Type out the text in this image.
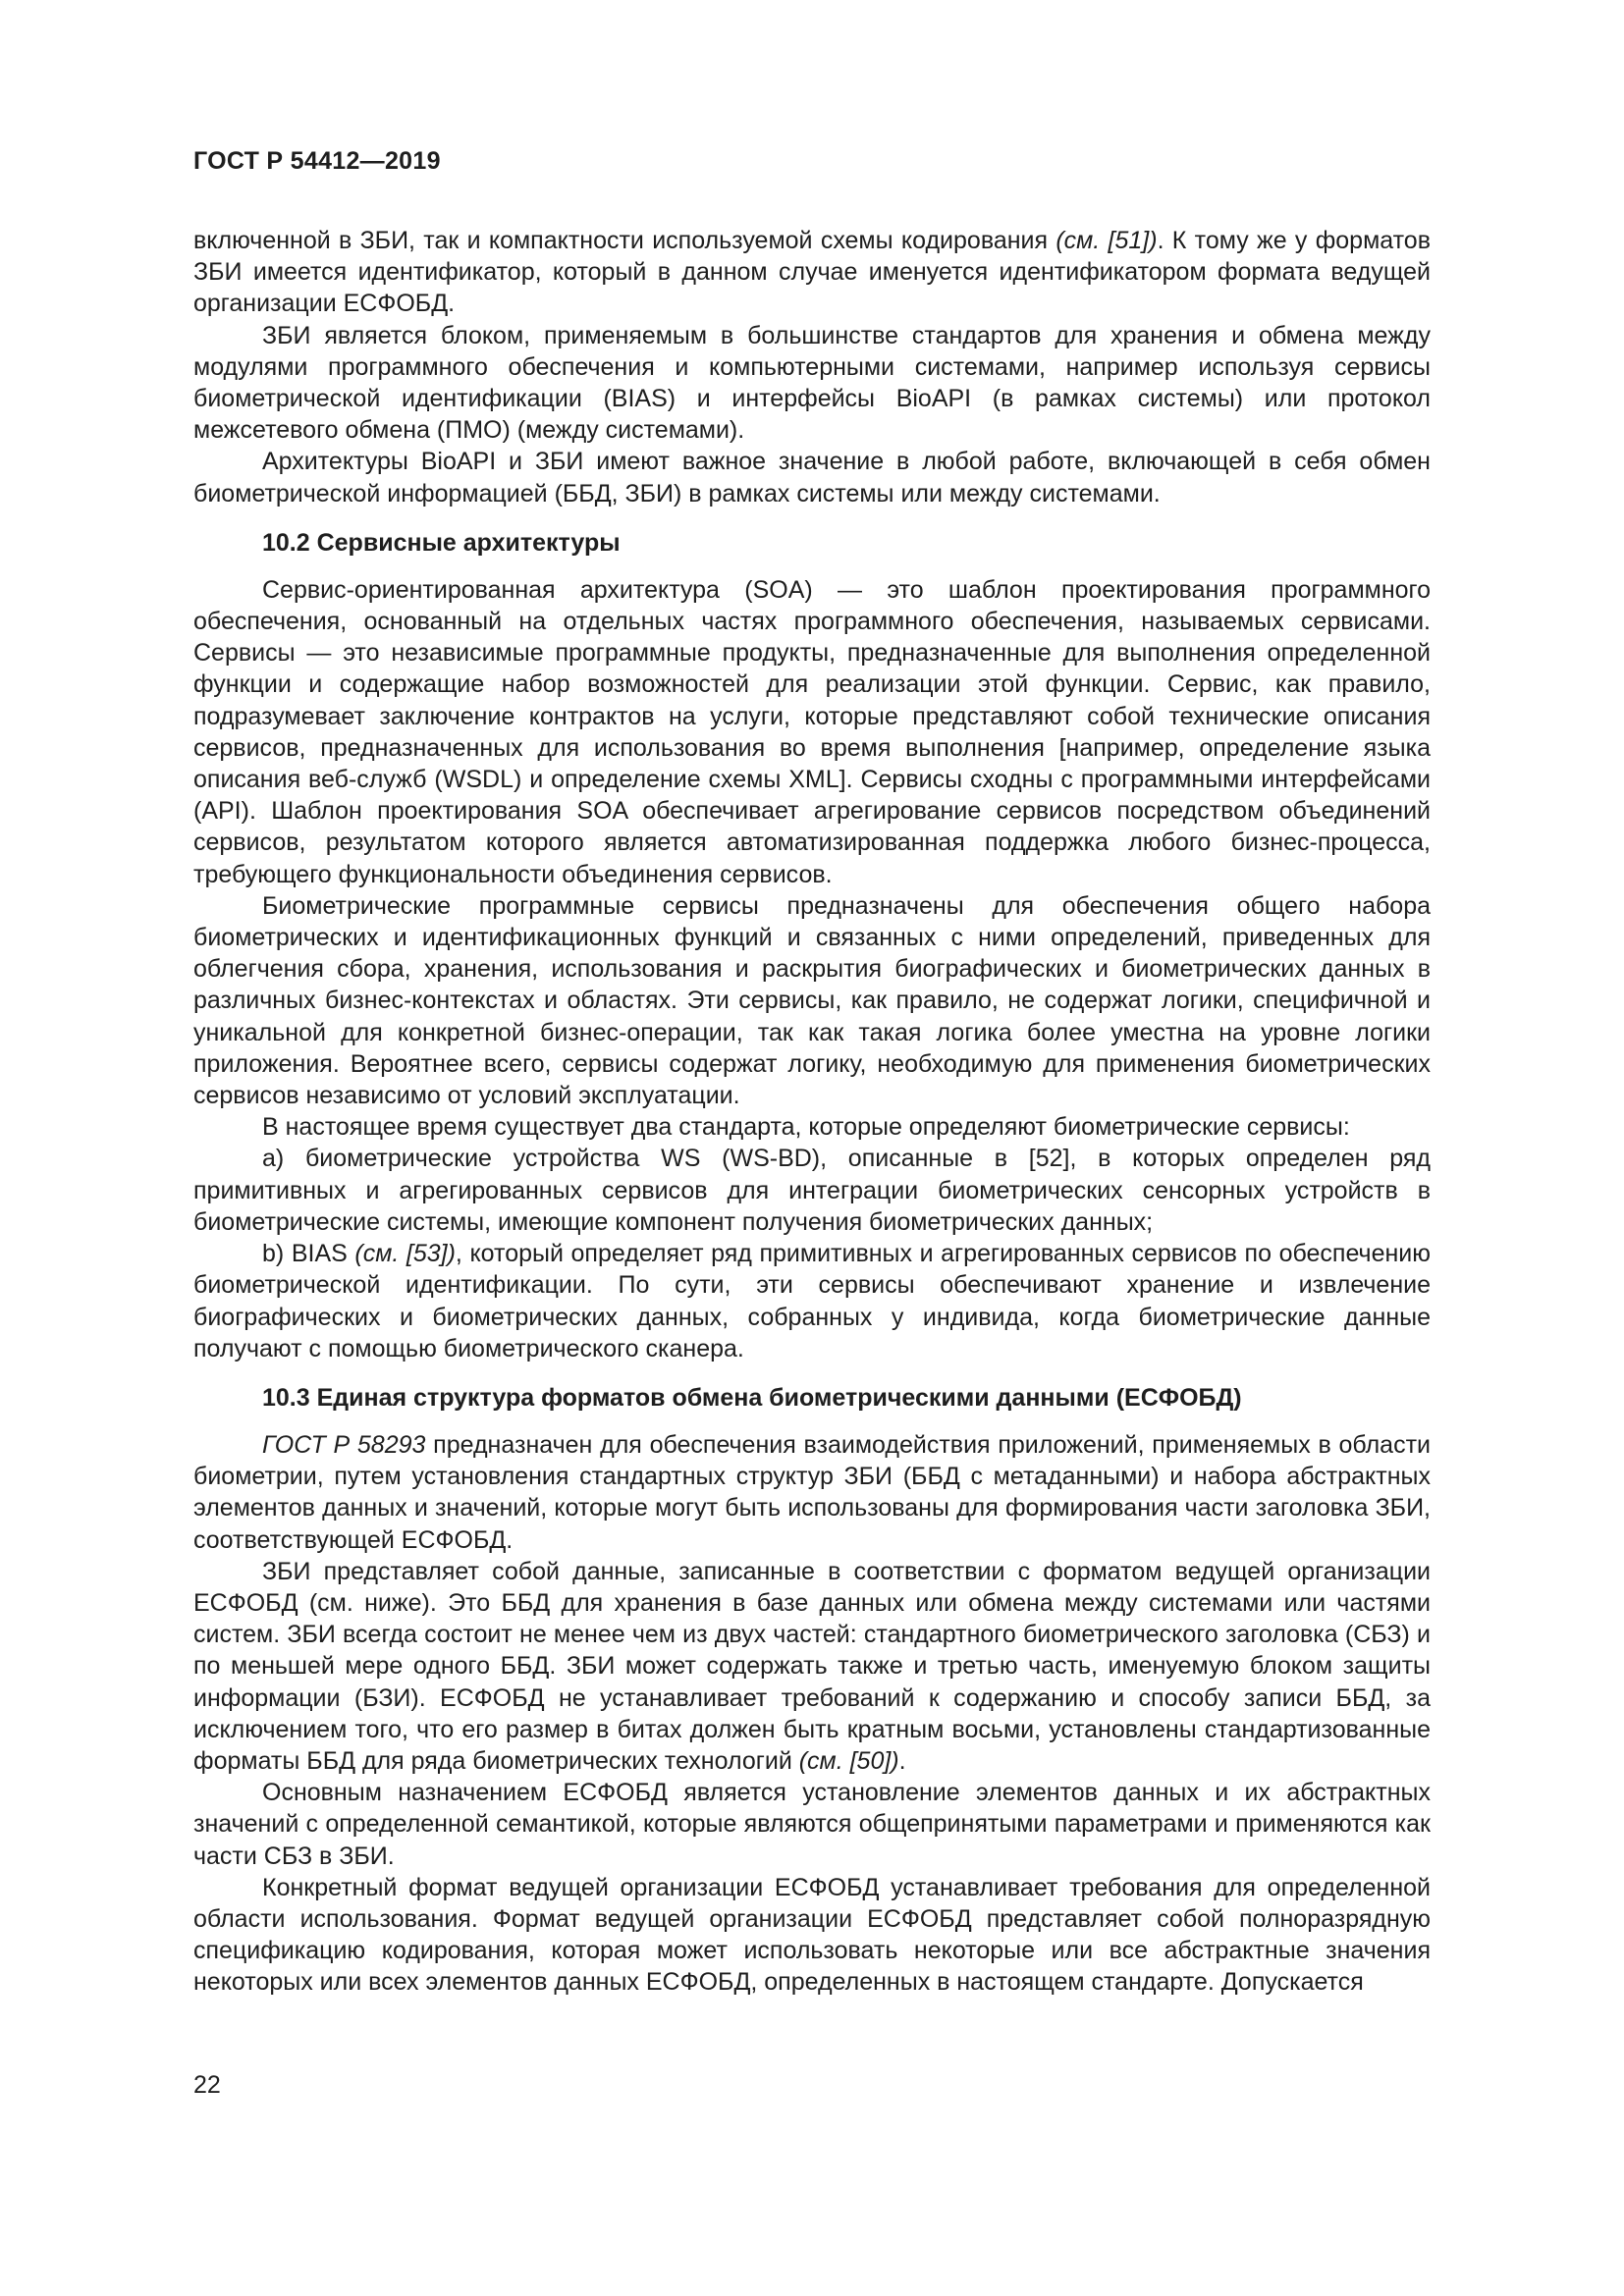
ГОСТ Р 54412—2019

включенной в ЗБИ, так и компактности используемой схемы кодирования (см. [51]). К тому же у форматов ЗБИ имеется идентификатор, который в данном случае именуется идентификатором формата ведущей организации ЕСФОБД.

ЗБИ является блоком, применяемым в большинстве стандартов для хранения и обмена между модулями программного обеспечения и компьютерными системами, например используя сервисы биометрической идентификации (BIAS) и интерфейсы BioAPI (в рамках системы) или протокол межсетевого обмена (ПМО) (между системами).

Архитектуры BioAPI и ЗБИ имеют важное значение в любой работе, включающей в себя обмен биометрической информацией (ББД, ЗБИ) в рамках системы или между системами.

10.2 Сервисные архитектуры

Сервис-ориентированная архитектура (SOA) — это шаблон проектирования программного обеспечения, основанный на отдельных частях программного обеспечения, называемых сервисами. Сервисы — это независимые программные продукты, предназначенные для выполнения определенной функции и содержащие набор возможностей для реализации этой функции. Сервис, как правило, подразумевает заключение контрактов на услуги, которые представляют собой технические описания сервисов, предназначенных для использования во время выполнения [например, определение языка описания веб-служб (WSDL) и определение схемы XML]. Сервисы сходны с программными интерфейсами (API). Шаблон проектирования SOA обеспечивает агрегирование сервисов посредством объединений сервисов, результатом которого является автоматизированная поддержка любого бизнес-процесса, требующего функциональности объединения сервисов.

Биометрические программные сервисы предназначены для обеспечения общего набора биометрических и идентификационных функций и связанных с ними определений, приведенных для облегчения сбора, хранения, использования и раскрытия биографических и биометрических данных в различных бизнес-контекстах и областях. Эти сервисы, как правило, не содержат логики, специфичной и уникальной для конкретной бизнес-операции, так как такая логика более уместна на уровне логики приложения. Вероятнее всего, сервисы содержат логику, необходимую для применения биометрических сервисов независимо от условий эксплуатации.

В настоящее время существует два стандарта, которые определяют биометрические сервисы:

a) биометрические устройства WS (WS-BD), описанные в [52], в которых определен ряд примитивных и агрегированных сервисов для интеграции биометрических сенсорных устройств в биометрические системы, имеющие компонент получения биометрических данных;

b) BIAS (см. [53]), который определяет ряд примитивных и агрегированных сервисов по обеспечению биометрической идентификации. По сути, эти сервисы обеспечивают хранение и извлечение биографических и биометрических данных, собранных у индивида, когда биометрические данные получают с помощью биометрического сканера.

10.3 Единая структура форматов обмена биометрическими данными (ЕСФОБД)

ГОСТ Р 58293 предназначен для обеспечения взаимодействия приложений, применяемых в области биометрии, путем установления стандартных структур ЗБИ (ББД с метаданными) и набора абстрактных элементов данных и значений, которые могут быть использованы для формирования части заголовка ЗБИ, соответствующей ЕСФОБД.

ЗБИ представляет собой данные, записанные в соответствии с форматом ведущей организации ЕСФОБД (см. ниже). Это ББД для хранения в базе данных или обмена между системами или частями систем. ЗБИ всегда состоит не менее чем из двух частей: стандартного биометрического заголовка (СБЗ) и по меньшей мере одного ББД. ЗБИ может содержать также и третью часть, именуемую блоком защиты информации (БЗИ). ЕСФОБД не устанавливает требований к содержанию и способу записи ББД, за исключением того, что его размер в битах должен быть кратным восьми, установлены стандартизованные форматы ББД для ряда биометрических технологий (см. [50]).

Основным назначением ЕСФОБД является установление элементов данных и их абстрактных значений с определенной семантикой, которые являются общепринятыми параметрами и применяются как части СБЗ в ЗБИ.

Конкретный формат ведущей организации ЕСФОБД устанавливает требования для определенной области использования. Формат ведущей организации ЕСФОБД представляет собой полноразрядную спецификацию кодирования, которая может использовать некоторые или все абстрактные значения некоторых или всех элементов данных ЕСФОБД, определенных в настоящем стандарте. Допускается

22
